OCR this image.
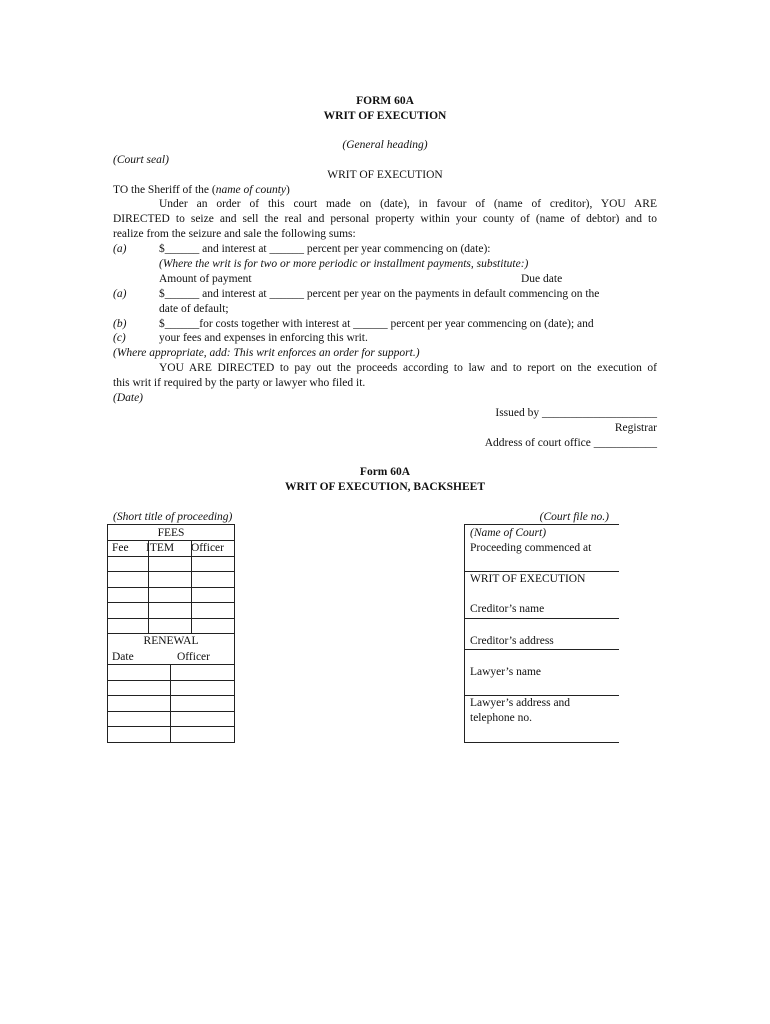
FORM 60A
WRIT OF EXECUTION
(General heading)
(Court seal)
WRIT OF EXECUTION
TO the Sheriff of the (name of county)
Under an order of this court made on (date), in favour of (name of creditor), YOU ARE
DIRECTED to seize and sell the real and personal property within your county of (name of debtor) and to
realize from the seizure and sale the following sums:
(a)	$______ and interest at ______ percent per year commencing on (date):
(Where the writ is for two or more periodic or installment payments, substitute:)
Amount of payment	Due date
(a)	$______ and interest at ______ percent per year on the payments in default commencing on the
date of default;
(b)	$______for costs together with interest at ______ percent per year commencing on (date); and
(c)	your fees and expenses in enforcing this writ.
(Where appropriate, add: This writ enforces an order for support.)
YOU ARE DIRECTED to pay out the proceeds according to law and to report on the execution of
this writ if required by the party or lawyer who filed it.
(Date)
Issued by ____________________
Registrar
Address of court office ___________
Form 60A
WRIT OF EXECUTION, BACKSHEET
(Short title of proceeding)	(Court file no.)
FEES
Fee ITEM Officer
RENEWAL
Date	Officer
(Name of Court)
Proceeding commenced at
WRIT OF EXECUTION
Creditor’s name
Creditor’s address
Lawyer’s name
Lawyer’s address and
telephone no.
